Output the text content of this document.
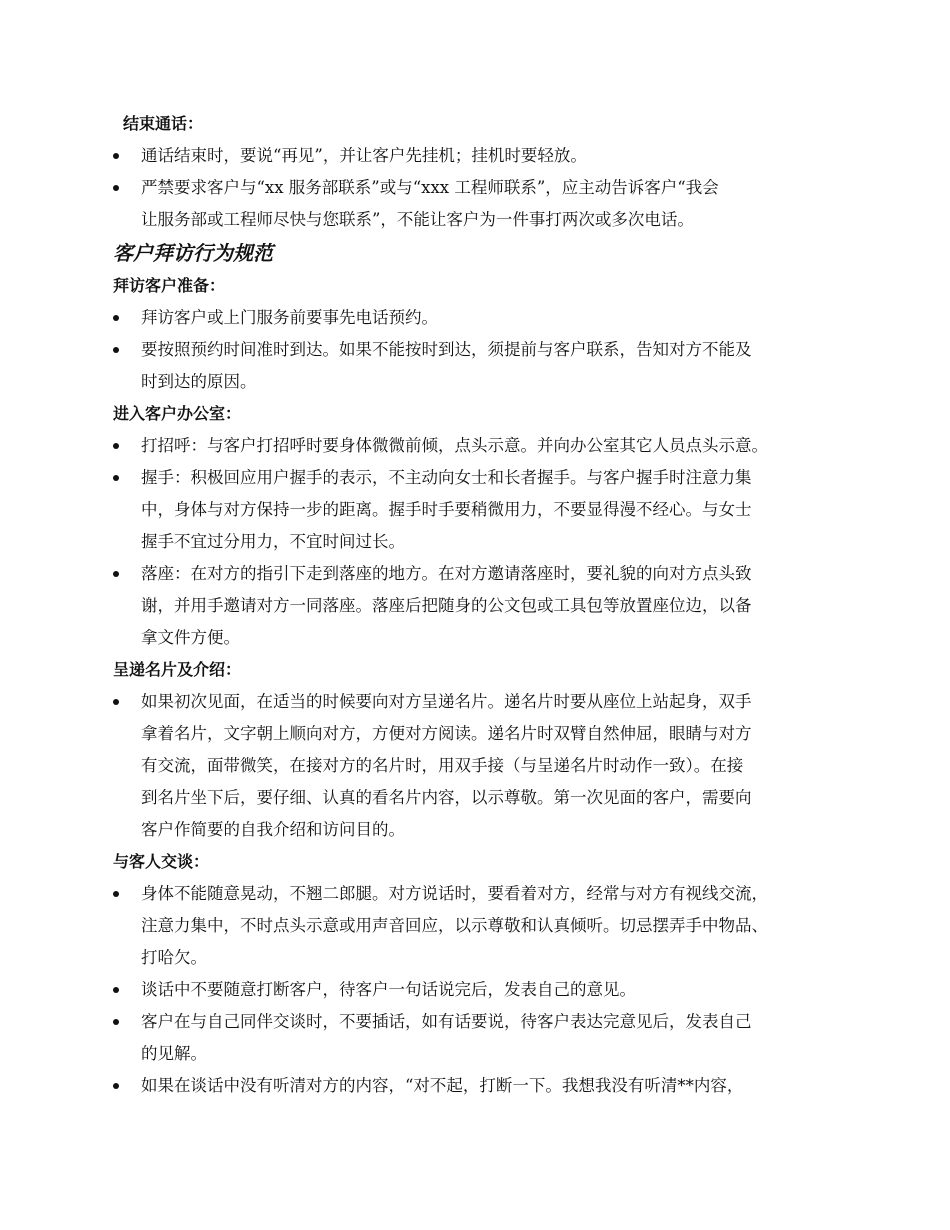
结束通话：
通话结束时，要说“再见”，并让客户先挂机；挂机时要轻放。
严禁要求客户与“xx 服务部联系”或与“xxx 工程师联系”，应主动告诉客户“我会
让服务部或工程师尽快与您联系”，不能让客户为一件事打两次或多次电话。
客户拜访行为规范
拜访客户准备：
拜访客户或上门服务前要事先电话预约。
要按照预约时间准时到达。如果不能按时到达，须提前与客户联系，告知对方不能及
时到达的原因。
进入客户办公室：
打招呼：与客户打招呼时要身体微微前倾，点头示意。并向办公室其它人员点头示意。
握手：积极回应用户握手的表示，不主动向女士和长者握手。与客户握手时注意力集
中，身体与对方保持一步的距离。握手时手要稍微用力，不要显得漫不经心。与女士
握手不宜过分用力，不宜时间过长。
落座：在对方的指引下走到落座的地方。在对方邀请落座时，要礼貌的向对方点头致
谢，并用手邀请对方一同落座。落座后把随身的公文包或工具包等放置座位边，以备
拿文件方便。
呈递名片及介绍：
如果初次见面，在适当的时候要向对方呈递名片。递名片时要从座位上站起身，双手
拿着名片，文字朝上顺向对方，方便对方阅读。递名片时双臂自然伸屈，眼睛与对方
有交流，面带微笑，在接对方的名片时，用双手接（与呈递名片时动作一致）。在接
到名片坐下后，要仔细、认真的看名片内容，以示尊敬。第一次见面的客户，需要向
客户作简要的自我介绍和访问目的。
与客人交谈：
身体不能随意晃动，不翘二郎腿。对方说话时，要看着对方，经常与对方有视线交流，
注意力集中，不时点头示意或用声音回应，以示尊敬和认真倾听。切忌摆弄手中物品、
打哈欠。
谈话中不要随意打断客户，待客户一句话说完后，发表自己的意见。
客户在与自己同伴交谈时，不要插话，如有话要说，待客户表达完意见后，发表自己
的见解。
如果在谈话中没有听清对方的内容，“对不起，打断一下。我想我没有听清**内容，
